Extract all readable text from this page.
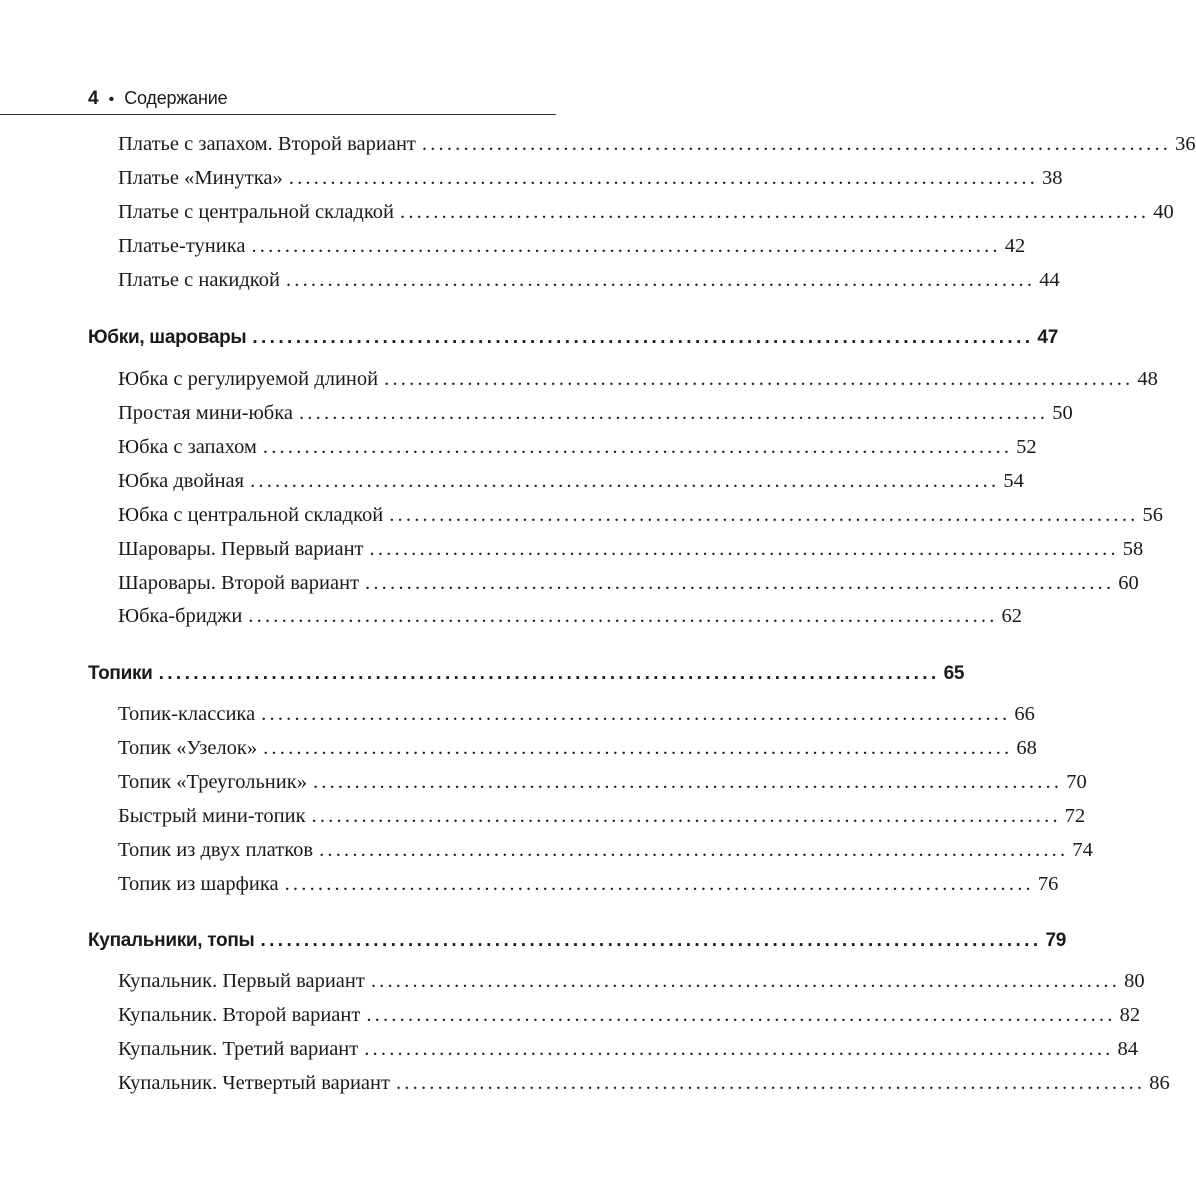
4 • Содержание
Платье с запахом. Второй вариант .......................................................................................... 36
Платье «Минутка» .......................................................................................... 38
Платье с центральной складкой .......................................................................................... 40
Платье-туника .......................................................................................... 42
Платье с накидкой .......................................................................................... 44
Юбки, шаровары .......................................................................................... 47
Юбка с регулируемой длиной .......................................................................................... 48
Простая мини-юбка .......................................................................................... 50
Юбка с запахом .......................................................................................... 52
Юбка двойная .......................................................................................... 54
Юбка с центральной складкой .......................................................................................... 56
Шаровары. Первый вариант .......................................................................................... 58
Шаровары. Второй вариант .......................................................................................... 60
Юбка-бриджи .......................................................................................... 62
Топики .......................................................................................... 65
Топик-классика .......................................................................................... 66
Топик «Узелок» .......................................................................................... 68
Топик «Треугольник» .......................................................................................... 70
Быстрый мини-топик .......................................................................................... 72
Топик из двух платков .......................................................................................... 74
Топик из шарфика .......................................................................................... 76
Купальники, топы .......................................................................................... 79
Купальник. Первый вариант .......................................................................................... 80
Купальник. Второй вариант .......................................................................................... 82
Купальник. Третий вариант .......................................................................................... 84
Купальник. Четвертый вариант .......................................................................................... 86
